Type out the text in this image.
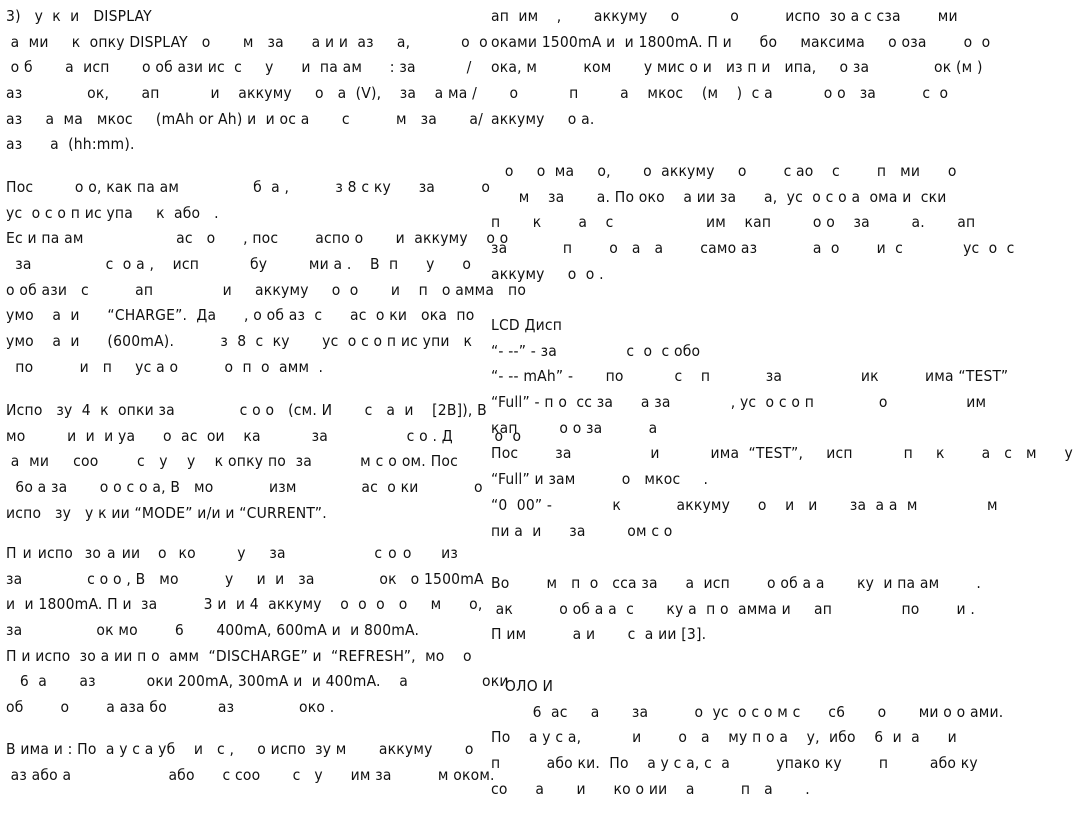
3)   у  к  и   DISPLAY
а  ми     к  опку DISPLAY   о       м   за      а и и  аз     а,           о  о
о б       а  исп       о об ази ис  с     у      и  па ам      : за           /
аз              ок,       ап           и    аккуму     о   а  (V),    за    а ма /
аз     а  ма   мкос     (mAh or Ah) и  и ос а       с          м   за       а/
аз      а  (hh:mm).
Пос         о о, как па ам                б  а ,          з 8 с ку      за          о
ус  о с о п ис упа     к  або   .
Ес и па ам                    ас   о      , пос        аспо о       и  аккуму    о о
за                с  о а ,    исп           бу         ми а .    В  п      у      о
о об ази   с          ап               и     аккуму     о  о       и    п   о амма   по
умо    а  и      “CHARGE”.  Да      , о об аз  с      ас  о ки   ока  по
умо    а  и      (600mA).          з  8  с  ку       ус  о с о п ис упи   к
по          и   п     ус а о          о  п  о  амм  .
Испо   зу  4  к  опки за              с о о   (см. И       с   а  и    [2B]), В
мо         и  и  и уа      о  ас  ои    ка           за                 с о . Д         о  о
а  ми     соо        с   у    у    к опку по  за          м с о ом. Пос
6о а за       о о с о а, В   мо            изм              ас  о ки            о
испо   зу   у к ии “MODE” и/и и “CURRENT”.
П и испо  зо а ии   о  ко       у    за               с о о     из
за              с о о , В   мо          у     и  и   за              ок   о 1500mA
и  и 1800mA. П и  за          3 и  и 4  аккуму    о  о  о   о     м      о,
за                ок мо        6       400mA, 600mA и  и 800mA.
П и испо  зо а ии п о  амм  “DISCHARGE” и  “REFRESH”,  мо    о
6  а       аз           оки 200mA, 300mA и  и 400mA.    а                оки
об        о        а аза бо           аз              око .
В има и : По  а у с а уб    и   с ,     о испо  зу м       аккуму       о
аз або а                     або      с соо       с   у      им за          м оком.
ап  им    ,       аккуму     о           о          испо  зо а с сза        ми
оками 1500mA и  и 1800mA. П и      бо     максима     о оза        о  о
ока, м          ком       у мис о и   из п и   ипа,     о за              ок (м )
о           п         а    мкос    (м    )  с а           о о   за          с  о
аккуму     о а.
о     о  ма     о,       о  аккуму     о        с ао    с        п   ми      о
м    за       а. По око    а ии за      а,  ус  о с о а  ома и  ски
п       к        а    с                    им    кап         о о    за         а.       ап
за            п        о   а   а        само аз            а  о        и  с             ус  о  с
аккуму     о  о .
LCD Дисп
“- --” - за               с  о  с обо
“- -- mAh” -       по           с    п            за                 ик          има “TEST”
“Full” - п о  сс за      а за             , ус  о с о п              о                 им
кап         о о за          а
Пос        за                 и           има  “TEST”,     исп           п     к        а   с   м      у
“Full” и зам          о   мкос     .
“0  00” -             к            аккуму      о    и   и       за  а а  м               м
пи а  и      за         ом с о
Во        м   п  о   сса за      а  исп        о об а а       ку  и па ам        .
ак          о об а а  с       ку а  п о  амма и     ап               по        и .
П им          а и       с  а ии [3].
ОЛО И
6  ас     а       за          о  ус  о с о м с      с6       о       ми о о ами.
По    а у с а,           и        о   а    му п о а    у,  ибо    6  и  а      и
п          або ки.  По    а у с а, с  а          упако ку        п         або ку
со      а       и      ко о ии    а          п   а       .
